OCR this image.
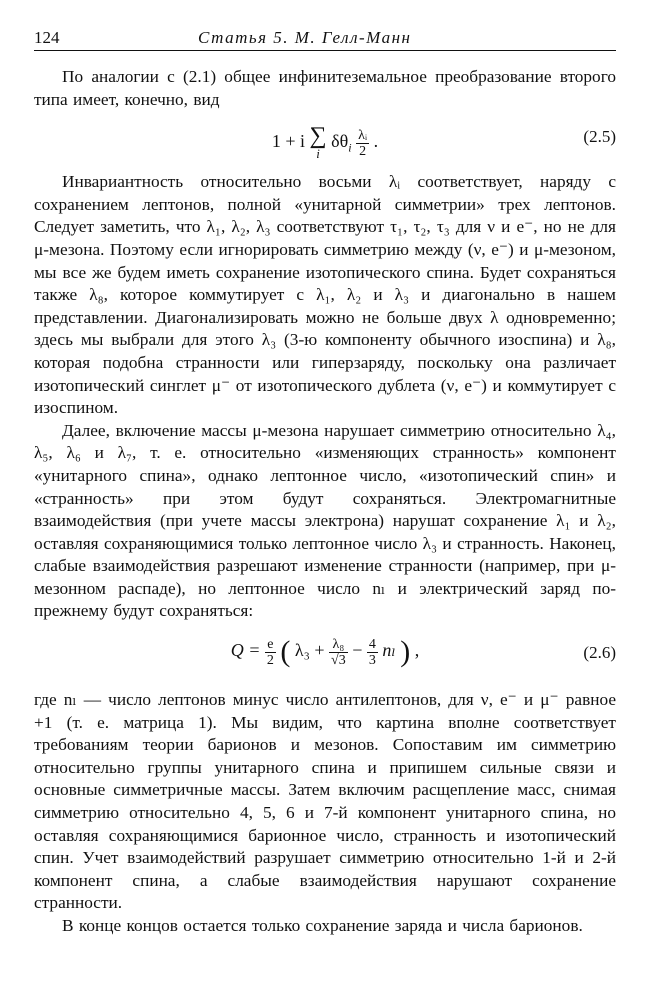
124	Статья 5. М. Гелл-Манн

По аналогии с (2.1) общее инфинитеземальное преобразование второго типа имеет, конечно, вид

1 + i ∑
i
$\delta\theta_i \frac{\text{λᵢ}}{2}$ .	(2.5)

Инвариантность относительно восьми λᵢ соответствует, наряду с сохранением лептонов, полной «унитарной симметрии» трех лептонов. Следует заметить, что λ₁, λ₂, λ₃ соответствуют τ₁, τ₂, τ₃ для ν и e⁻, но не для μ-мезона. Поэтому если игнорировать симметрию между (ν, e⁻) и μ-мезоном, мы все же будем иметь сохранение изотопического спина. Будет сохраняться также λ₈, которое коммутирует с λ₁, λ₂ и λ₃ и диагонально в нашем представлении. Диагонализировать можно не больше двух λ одновременно; здесь мы выбрали для этого λ₃ (3-ю компоненту обычного изоспина) и λ₈, которая подобна странности или гиперзаряду, поскольку она различает изотопический синглет μ⁻ от изотопического дублета (ν, e⁻) и коммутирует с изоспином.

Далее, включение массы μ-мезона нарушает симметрию относительно λ₄, λ₅, λ₆ и λ₇, т. е. относительно «изменяющих странность» компонент «унитарного спина», однако лептонное число, «изотопический спин» и «странность» при этом будут сохраняться. Электромагнитные взаимодействия (при учете массы электрона) нарушат сохранение λ₁ и λ₂, оставляя сохраняющимися только лептонное число λ₃ и странность. Наконец, слабые взаимодействия разрешают изменение странности (например, при μ-мезонном распаде), но лептонное число nₗ и электрический заряд по-прежнему будут сохраняться:

$Q = \frac{e}{2}$ ( $\lambda_3 + \frac{\text{λ₈}}{√3} - \frac{4}{3}$ nₗ ) ,	(2.6)

где nₗ — число лептонов минус число антилептонов, для ν, e⁻ и μ⁻ равное +1 (т. е. матрица 1). Мы видим, что картина вполне соответствует требованиям теории барионов и мезонов. Сопоставим им симметрию относительно группы унитарного спина и припишем сильные связи и основные симметричные массы. Затем включим расщепление масс, снимая симметрию относительно 4, 5, 6 и 7-й компонент унитарного спина, но оставляя сохраняющимися барионное число, странность и изотопический спин. Учет взаимодействий разрушает симметрию относительно 1-й и 2-й компонент спина, а слабые взаимодействия нарушают сохранение странности.

В конце концов остается только сохранение заряда и числа барионов.
